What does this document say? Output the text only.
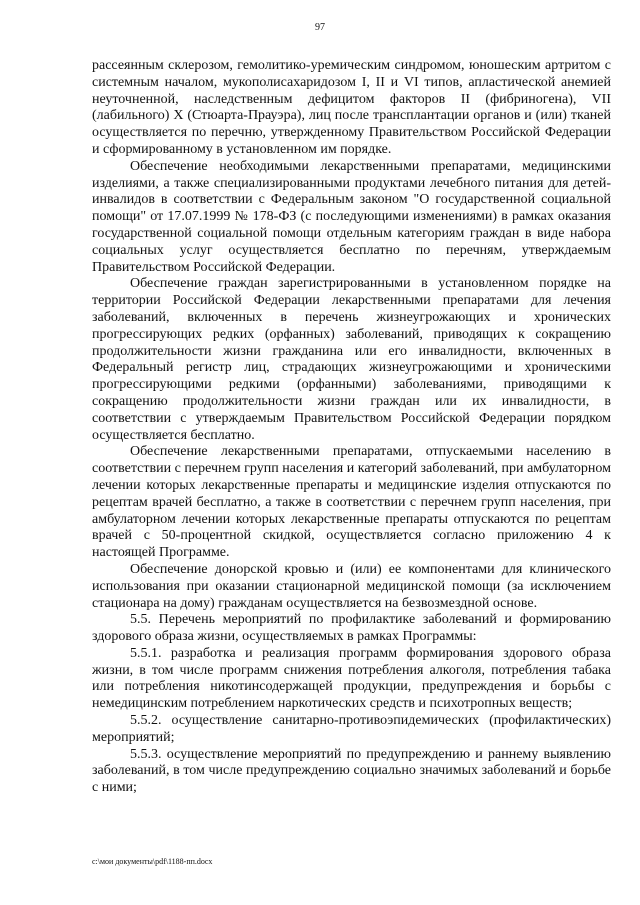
97

рассеянным склерозом, гемолитико-уремическим синдромом, юношеским артритом с системным началом, мукополисахаридозом I, II и VI типов, апластической анемией неуточненной, наследственным дефицитом факторов II (фибриногена), VII (лабильного) X (Стюарта-Прауэра), лиц после трансплантации органов и (или) тканей осуществляется по перечню, утвержденному Правительством Российской Федерации и сформированному в установленном им порядке.

Обеспечение необходимыми лекарственными препаратами, медицинскими изделиями, а также специализированными продуктами лечебного питания для детей-инвалидов в соответствии с Федеральным законом "О государственной социальной помощи" от 17.07.1999 № 178-ФЗ (с последующими изменениями) в рамках оказания государственной социальной помощи отдельным категориям граждан в виде набора социальных услуг осуществляется бесплатно по перечням, утверждаемым Правительством Российской Федерации.

Обеспечение граждан зарегистрированными в установленном порядке на территории Российской Федерации лекарственными препаратами для лечения заболеваний, включенных в перечень жизнеугрожающих и хронических прогрессирующих редких (орфанных) заболеваний, приводящих к сокращению продолжительности жизни гражданина или его инвалидности, включенных в Федеральный регистр лиц, страдающих жизнеугрожающими и хроническими прогрессирующими редкими (орфанными) заболеваниями, приводящими к сокращению продолжительности жизни граждан или их инвалидности, в соответствии с утверждаемым Правительством Российской Федерации порядком осуществляется бесплатно.

Обеспечение лекарственными препаратами, отпускаемыми населению в соответствии с перечнем групп населения и категорий заболеваний, при амбулаторном лечении которых лекарственные препараты и медицинские изделия отпускаются по рецептам врачей бесплатно, а также в соответствии с перечнем групп населения, при амбулаторном лечении которых лекарственные препараты отпускаются по рецептам врачей с 50-процентной скидкой, осуществляется согласно приложению 4 к настоящей Программе.

Обеспечение донорской кровью и (или) ее компонентами для клинического использования при оказании стационарной медицинской помощи (за исключением стационара на дому) гражданам осуществляется на безвозмездной основе.

5.5. Перечень мероприятий по профилактике заболеваний и формированию здорового образа жизни, осуществляемых в рамках Программы:

5.5.1. разработка и реализация программ формирования здорового образа жизни, в том числе программ снижения потребления алкоголя, потребления табака или потребления никотинсодержащей продукции, предупреждения и борьбы с немедицинским потреблением наркотических средств и психотропных веществ;

5.5.2. осуществление санитарно-противоэпидемических (профилактических) мероприятий;

5.5.3. осуществление мероприятий по предупреждению и раннему выявлению заболеваний, в том числе предупреждению социально значимых заболеваний и борьбе с ними;

c:\мои документы\pdf\1188-пп.docx
